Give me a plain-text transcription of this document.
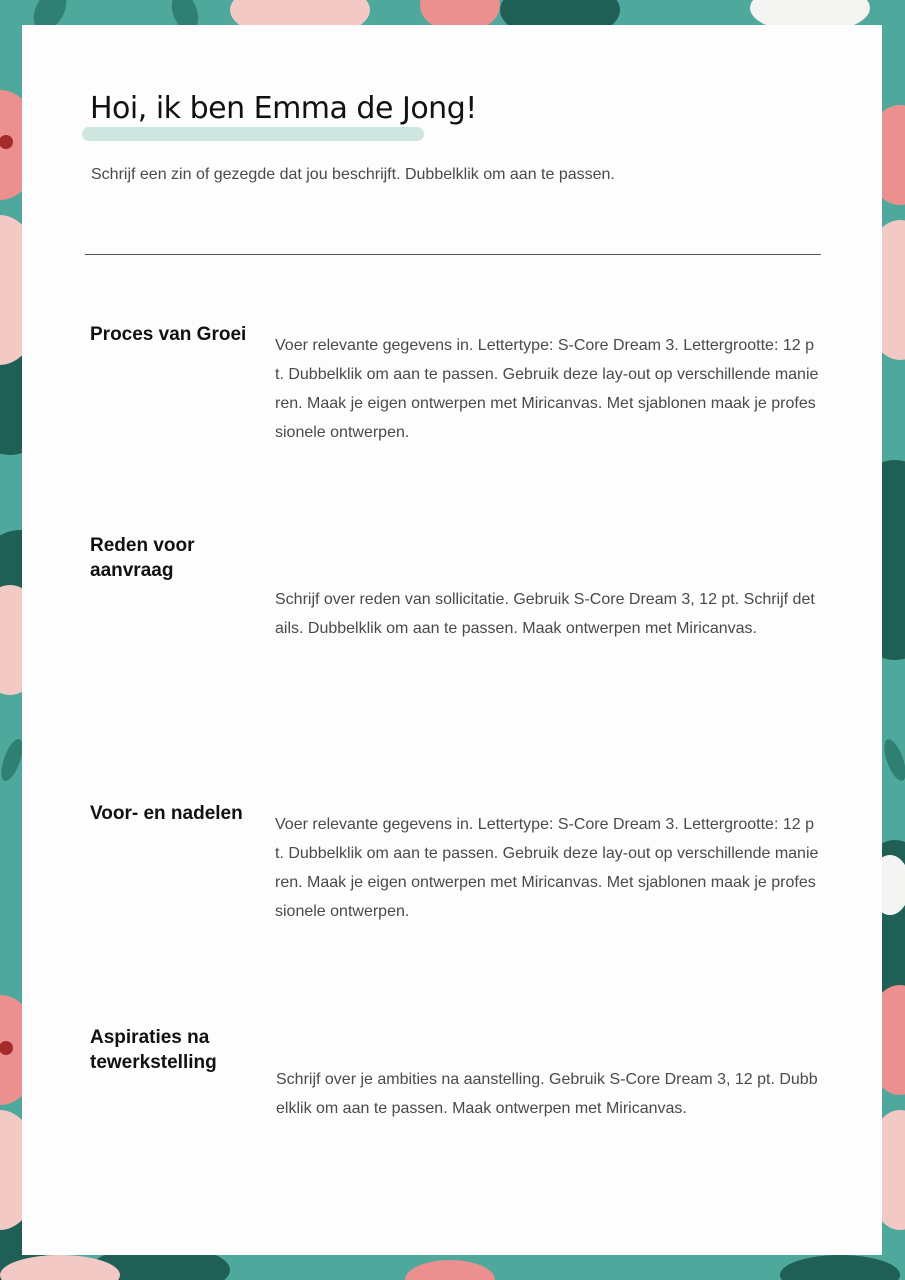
Hoi, ik ben Emma de Jong!
Schrijf een zin of gezegde dat jou beschrijft. Dubbelklik om aan te passen.
Proces van Groei
Voer relevante gegevens in. Lettertype: S-Core Dream 3. Lettergrootte: 12 pt. Dubbelklik om aan te passen. Gebruik deze lay-out op verschillende manieren. Maak je eigen ontwerpen met Miricanvas. Met sjablonen maak je professionele ontwerpen.
Reden voor aanvraag
Schrijf over reden van sollicitatie. Gebruik S-Core Dream 3, 12 pt. Schrijf details. Dubbelklik om aan te passen. Maak ontwerpen met Miricanvas.
Voor- en nadelen
Voer relevante gegevens in. Lettertype: S-Core Dream 3. Lettergrootte: 12 pt. Dubbelklik om aan te passen. Gebruik deze lay-out op verschillende manieren. Maak je eigen ontwerpen met Miricanvas. Met sjablonen maak je professionele ontwerpen.
Aspiraties na tewerkstelling
Schrijf over je ambities na aanstelling. Gebruik S-Core Dream 3, 12 pt. Dubbelklik om aan te passen. Maak ontwerpen met Miricanvas.
